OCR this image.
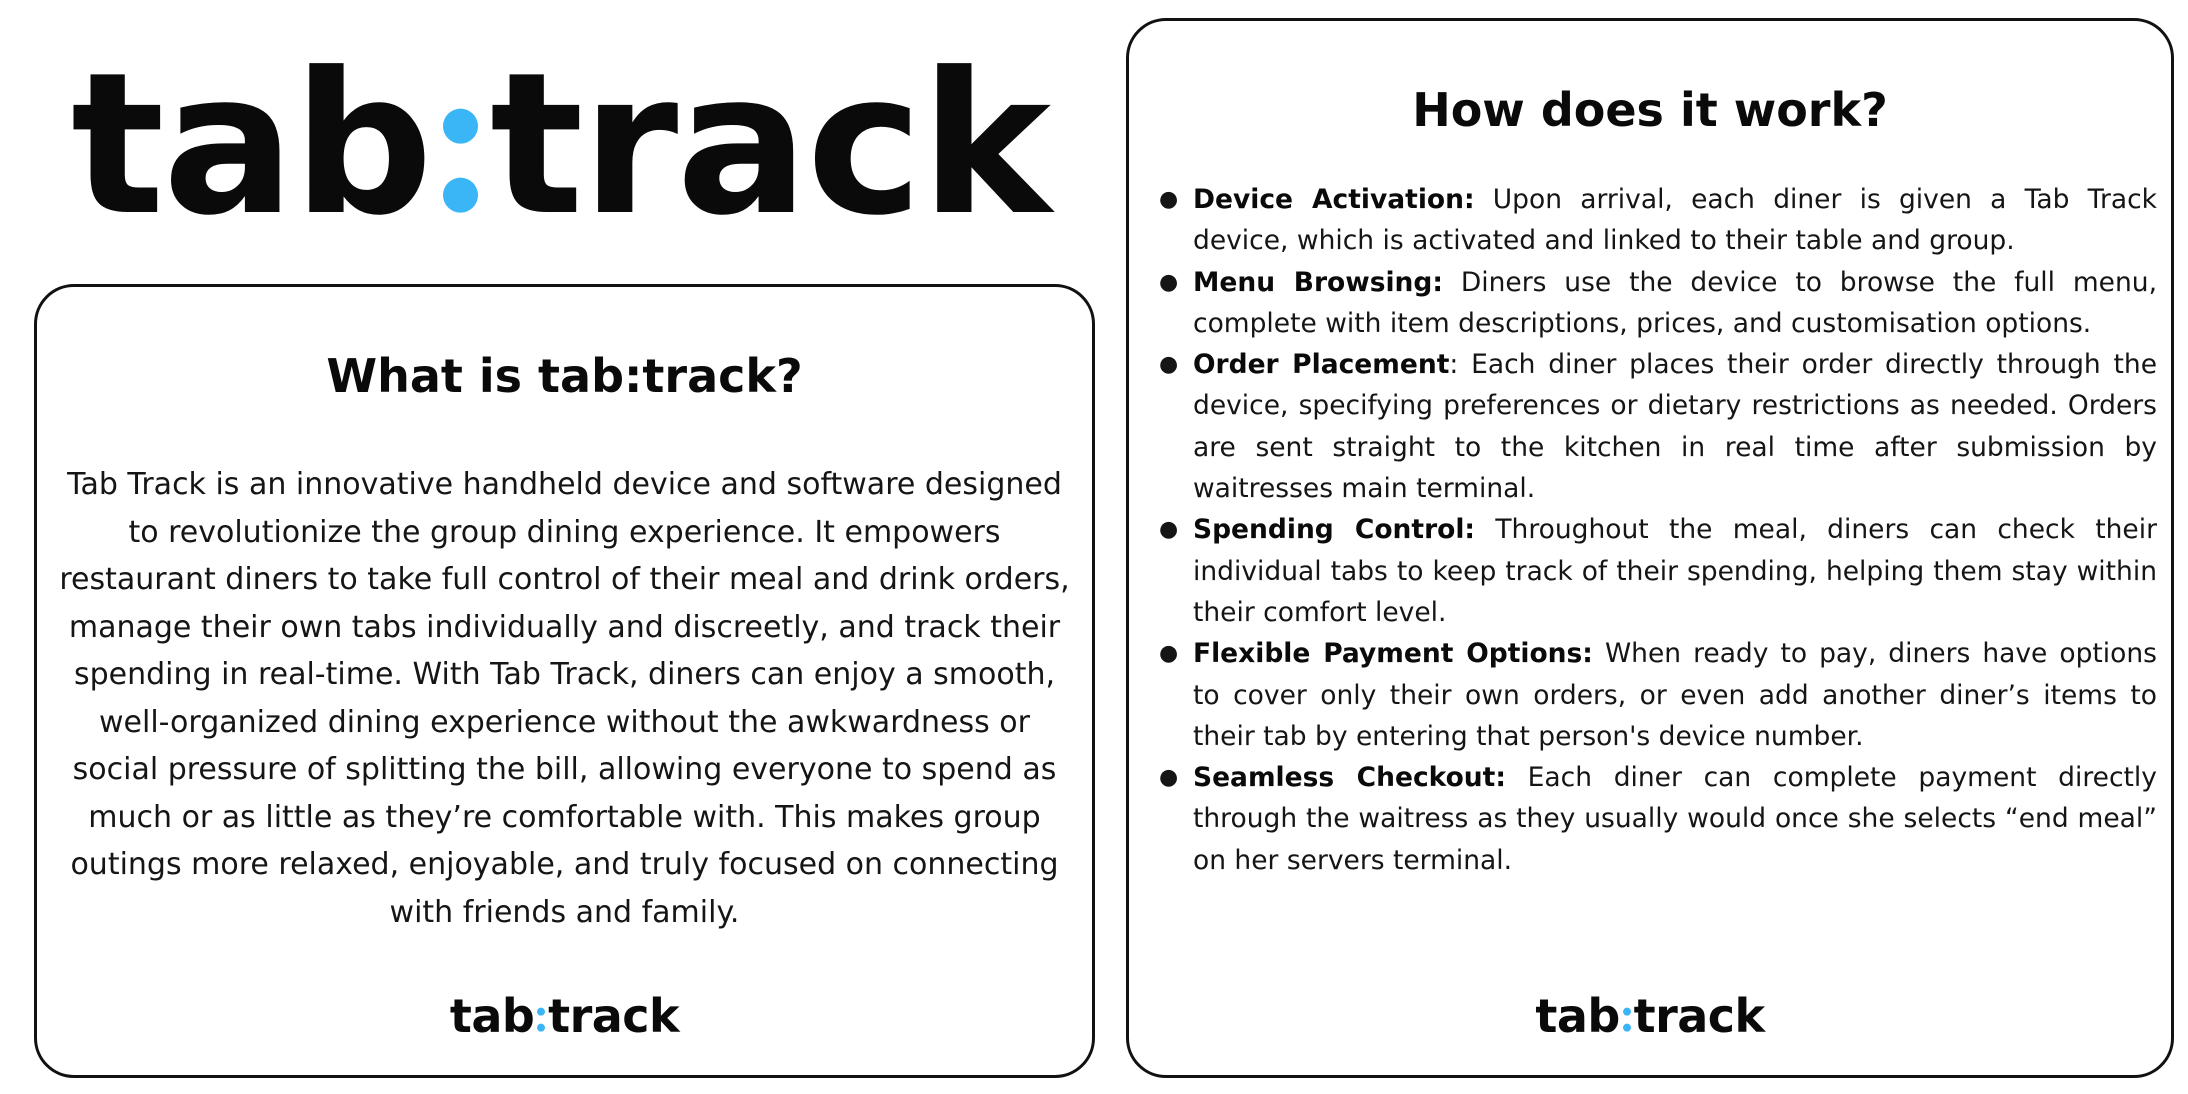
tab track
What is tab:track?

Tab Track is an innovative handheld device and software designed to revolutionize the group dining experience. It empowers restaurant diners to take full control of their meal and drink orders, manage their own tabs individually and discreetly, and track their spending in real-time. With Tab Track, diners can enjoy a smooth, well-organized dining experience without the awkwardness or social pressure of splitting the bill, allowing everyone to spend as much or as little as they’re comfortable with. This makes group outings more relaxed, enjoyable, and truly focused on connecting with friends and family.

tab track
How does it work?
● Device Activation: Upon arrival, each diner is given a Tab Track device, which is activated and linked to their table and group.
● Menu Browsing: Diners use the device to browse the full menu, complete with item descriptions, prices, and customisation options.
● Order Placement: Each diner places their order directly through the device, specifying preferences or dietary restrictions as needed. Orders are sent straight to the kitchen in real time after submission by waitresses main terminal.
● Spending Control: Throughout the meal, diners can check their individual tabs to keep track of their spending, helping them stay within their comfort level.
● Flexible Payment Options: When ready to pay, diners have options to cover only their own orders, or even add another diner’s items to their tab by entering that person's device number.
● Seamless Checkout: Each diner can complete payment directly through the waitress as they usually would once she selects “end meal” on her servers terminal.
tab track
